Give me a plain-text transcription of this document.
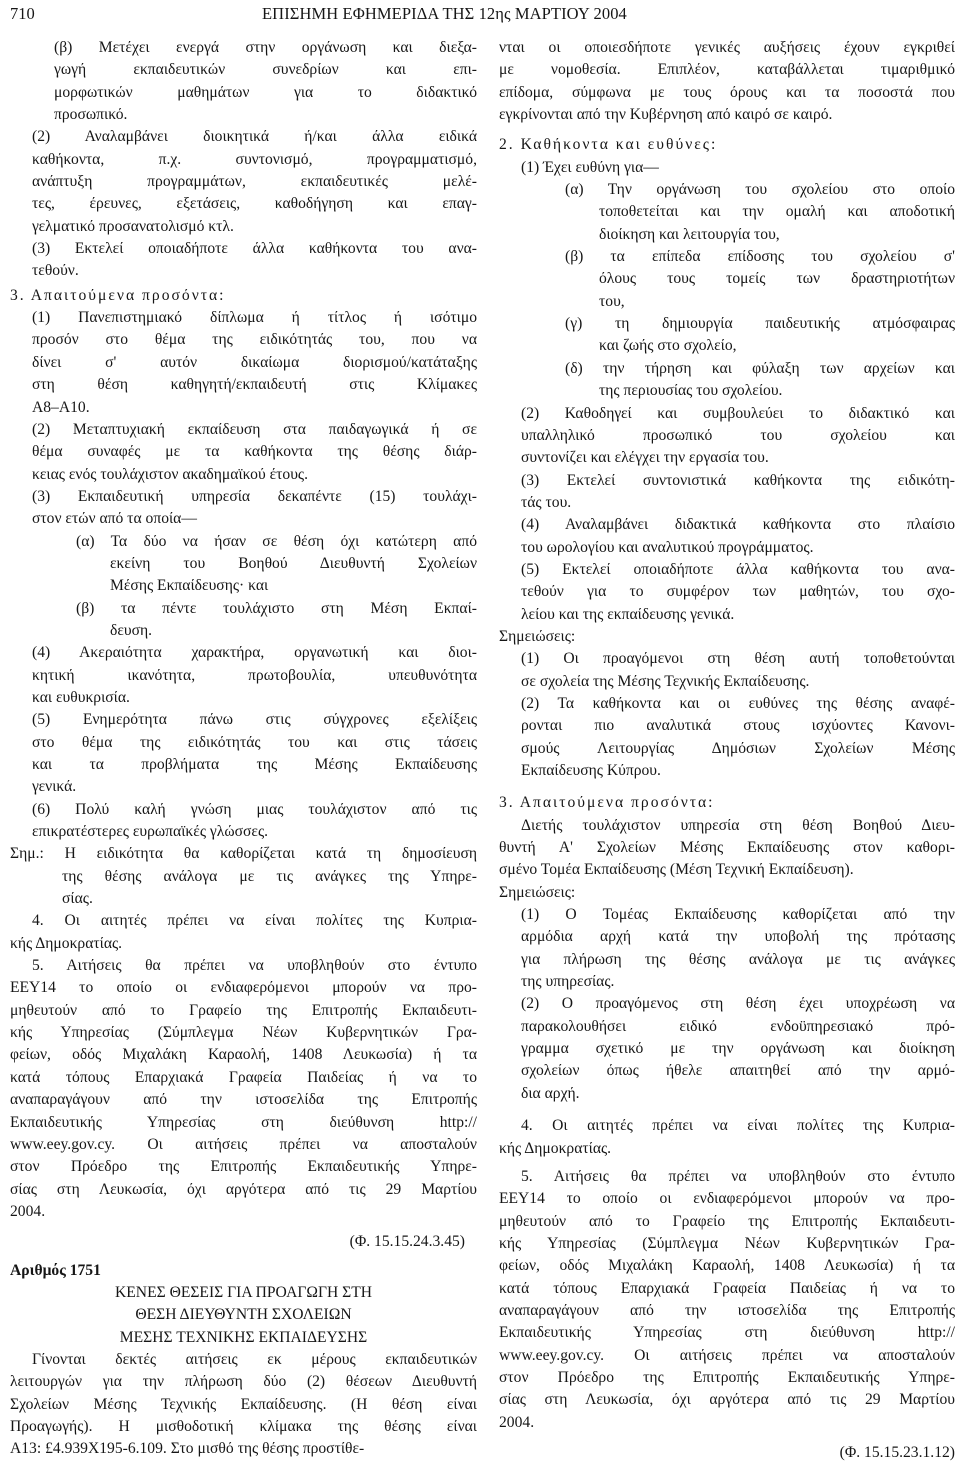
710	ΕΠΙΣΗΜΗ ΕΦΗΜΕΡΙΔΑ ΤΗΣ 12ης ΜΑΡΤΙΟΥ 2004
(β) Μετέχει ενεργά στην οργάνωση και διεξα-
γωγή εκπαιδευτικών συνεδρίων και επι-
μορφωτικών μαθημάτων για το διδακτικό
προσωπικό.
(2) Αναλαμβάνει διοικητικά ή/και άλλα ειδικά
καθήκοντα, π.χ. συντονισμό, προγραμματισμό,
ανάπτυξη προγραμμάτων, εκπαιδευτικές μελέ-
τες, έρευνες, εξετάσεις, καθοδήγηση και επαγ-
γελματικό προσανατολισμό κτλ.
(3) Εκτελεί οποιαδήποτε άλλα καθήκοντα του ανα-
τεθούν.
3. Απαιτούμενα προσόντα:
(1) Πανεπιστημιακό δίπλωμα ή τίτλος ή ισότιμο
προσόν στο θέμα της ειδικότητάς του, που να
δίνει σ' αυτόν δικαίωμα διορισμού/κατάταξης
στη θέση καθηγητή/εκπαιδευτή στις Κλίμακες
Α8–Α10.
(2) Μεταπτυχιακή εκπαίδευση στα παιδαγωγικά ή σε
θέμα συναφές με τα καθήκοντα της θέσης διάρ-
κειας ενός τουλάχιστον ακαδημαϊκού έτους.
(3) Εκπαιδευτική υπηρεσία δεκαπέντε (15) τουλάχι-
στον ετών από τα οποία—
(α) Τα δύο να ήσαν σε θέση όχι κατώτερη από
εκείνη του Βοηθού Διευθυντή Σχολείων
Μέσης Εκπαίδευσης· και
(β) τα πέντε τουλάχιστο στη Μέση Εκπαί-
δευση.
(4) Ακεραιότητα χαρακτήρα, οργανωτική και διοι-
κητική ικανότητα, πρωτοβουλία, υπευθυνότητα
και ευθυκρισία.
(5) Ενημερότητα πάνω στις σύγχρονες εξελίξεις
στο θέμα της ειδικότητάς του και στις τάσεις
και τα προβλήματα της Μέσης Εκπαίδευσης
γενικά.
(6) Πολύ καλή γνώση μιας τουλάχιστον από τις
επικρατέστερες ευρωπαϊκές γλώσσες.
Σημ.: Η ειδικότητα θα καθορίζεται κατά τη δημοσίευση
της θέσης ανάλογα με τις ανάγκες της Υπηρε-
σίας.
4. Οι αιτητές πρέπει να είναι πολίτες της Κυπρια-
κής Δημοκρατίας.
5. Αιτήσεις θα πρέπει να υποβληθούν στο έντυπο
ΕΕΥ14 το οποίο οι ενδιαφερόμενοι μπορούν να προ-
μηθευτούν από το Γραφείο της Επιτροπής Εκπαιδευτι-
κής Υπηρεσίας (Σύμπλεγμα Νέων Κυβερνητικών Γρα-
φείων, οδός Μιχαλάκη Καραολή, 1408 Λευκωσία) ή τα
κατά τόπους Επαρχιακά Γραφεία Παιδείας ή να το
αναπαραγάγουν από την ιστοσελίδα της Επιτροπής
Εκπαιδευτικής Υπηρεσίας στη διεύθυνση http://
www.eey.gov.cy. Οι αιτήσεις πρέπει να αποσταλούν
στον Πρόεδρο της Επιτροπής Εκπαιδευτικής Υπηρε-
σίας στη Λευκωσία, όχι αργότερα από τις 29 Μαρτίου
2004.
(Φ. 15.15.24.3.45)
Αριθμός 1751
ΚΕΝΕΣ ΘΕΣΕΙΣ ΓΙΑ ΠΡΟΑΓΩΓΗ ΣΤΗ
ΘΕΣΗ ΔΙΕΥΘΥΝΤΗ ΣΧΟΛΕΙΩΝ
ΜΕΣΗΣ ΤΕΧΝΙΚΗΣ ΕΚΠΑΙΔΕΥΣΗΣ
Γίνονται δεκτές αιτήσεις εκ μέρους εκπαιδευτικών
λειτουργών για την πλήρωση δύο (2) θέσεων Διευθυντή
Σχολείων Μέσης Τεχνικής Εκπαίδευσης. (Η θέση είναι
Προαγωγής). Η μισθοδοτική κλίμακα της θέσης είναι
Α13: £4.939Χ195-6.109. Στο μισθό της θέσης προστίθε-
νται οι οποιεσδήποτε γενικές αυξήσεις έχουν εγκριθεί
με νομοθεσία. Επιπλέον, καταβάλλεται τιμαριθμικό
επίδομα, σύμφωνα με τους όρους και τα ποσοστά που
εγκρίνονται από την Κυβέρνηση από καιρό σε καιρό.
2. Καθήκοντα και ευθύνες:
(1) Έχει ευθύνη για—
(α) Την οργάνωση του σχολείου στο οποίο
τοποθετείται και την ομαλή και αποδοτική
διοίκηση και λειτουργία του,
(β) τα επίπεδα επίδοσης του σχολείου σ'
όλους τους τομείς των δραστηριοτήτων
του,
(γ) τη δημιουργία παιδευτικής ατμόσφαιρας
και ζωής στο σχολείο,
(δ) την τήρηση και φύλαξη των αρχείων και
της περιουσίας του σχολείου.
(2) Καθοδηγεί και συμβουλεύει το διδακτικό και
υπαλληλικό προσωπικό του σχολείου και
συντονίζει και ελέγχει την εργασία του.
(3) Εκτελεί συντονιστικά καθήκοντα της ειδικότη-
τάς του.
(4) Αναλαμβάνει διδακτικά καθήκοντα στο πλαίσιο
του ωρολογίου και αναλυτικού προγράμματος.
(5) Εκτελεί οποιαδήποτε άλλα καθήκοντα του ανα-
τεθούν για το συμφέρον των μαθητών, του σχο-
λείου και της εκπαίδευσης γενικά.
Σημειώσεις:
(1) Οι προαγόμενοι στη θέση αυτή τοποθετούνται
σε σχολεία της Μέσης Τεχνικής Εκπαίδευσης.
(2) Τα καθήκοντα και οι ευθύνες της θέσης αναφέ-
ρονται πιο αναλυτικά στους ισχύοντες Κανονι-
σμούς Λειτουργίας Δημόσιων Σχολείων Μέσης
Εκπαίδευσης Κύπρου.
3. Απαιτούμενα προσόντα:
Διετής τουλάχιστον υπηρεσία στη θέση Βοηθού Διευ-
θυντή Α' Σχολείων Μέσης Εκπαίδευσης στον καθορι-
σμένο Τομέα Εκπαίδευσης (Μέση Τεχνική Εκπαίδευση).
Σημειώσεις:
(1) Ο Τομέας Εκπαίδευσης καθορίζεται από την
αρμόδια αρχή κατά την υποβολή της πρότασης
για πλήρωση της θέσης ανάλογα με τις ανάγκες
της υπηρεσίας.
(2) Ο προαγόμενος στη θέση έχει υποχρέωση να
παρακολουθήσει ειδικό ενδοϋπηρεσιακό πρό-
γραμμα σχετικό με την οργάνωση και διοίκηση
σχολείων όπως ήθελε απαιτηθεί από την αρμό-
δια αρχή.
4. Οι αιτητές πρέπει να είναι πολίτες της Κυπρια-
κής Δημοκρατίας.
5. Αιτήσεις θα πρέπει να υποβληθούν στο έντυπο
ΕΕΥ14 το οποίο οι ενδιαφερόμενοι μπορούν να προ-
μηθευτούν από το Γραφείο της Επιτροπής Εκπαιδευτι-
κής Υπηρεσίας (Σύμπλεγμα Νέων Κυβερνητικών Γρα-
φείων, οδός Μιχαλάκη Καραολή, 1408 Λευκωσία) ή τα
κατά τόπους Επαρχιακά Γραφεία Παιδείας ή να το
αναπαραγάγουν από την ιστοσελίδα της Επιτροπής
Εκπαιδευτικής Υπηρεσίας στη διεύθυνση http://
www.eey.gov.cy. Οι αιτήσεις πρέπει να αποσταλούν
στον Πρόεδρο της Επιτροπής Εκπαιδευτικής Υπηρε-
σίας στη Λευκωσία, όχι αργότερα από τις 29 Μαρτίου
2004.
(Φ. 15.15.23.1.12)
